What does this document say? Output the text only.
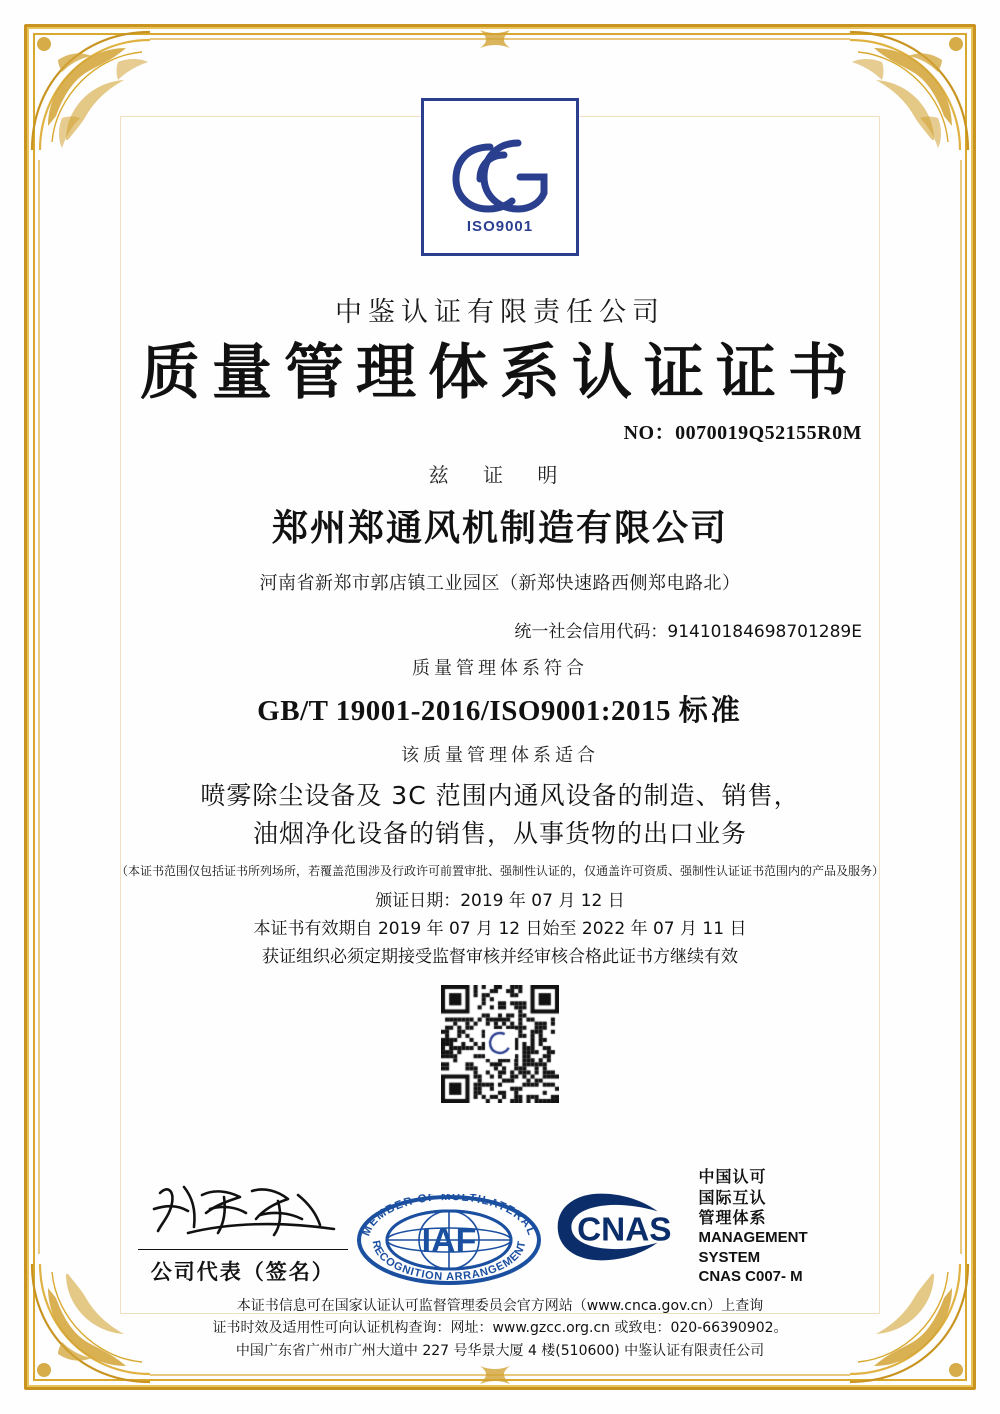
ISO9001
中鉴认证有限责任公司
质量管理体系认证证书
NO：0070019Q52155R0M
兹 证 明
郑州郑通风机制造有限公司
河南省新郑市郭店镇工业园区（新郑快速路西侧郑电路北）
统一社会信用代码：91410184698701289E
质量管理体系符合
GB/T 19001-2016/ISO9001:2015 标准
该质量管理体系适合
喷雾除尘设备及 3C 范围内通风设备的制造、销售，
油烟净化设备的销售，从事货物的出口业务
（本证书范围仅包括证书所列场所，若覆盖范围涉及行政许可前置审批、强制性认证的，仅通盖许可资质、强制性认证证书范围内的产品及服务）
颁证日期：2019 年 07 月 12 日
本证书有效期自 2019 年 07 月 12 日始至 2022 年 07 月 11 日
获证组织必须定期接受监督审核并经审核合格此证书方继续有效
公司代表（签名）
IAF
MEMBER OF MULTILATERAL
RECOGNITION ARRANGEMENT CNAS
中国认可
国际互认
管理体系
MANAGEMENT SYSTEM
CNAS C007- M
本证书信息可在国家认证认可监督管理委员会官方网站（www.cnca.gov.cn）上查询
证书时效及适用性可向认证机构查询：网址：www.gzcc.org.cn 或致电：020-66390902。
中国广东省广州市广州大道中 227 号华景大厦 4 楼(510600) 中鉴认证有限责任公司
